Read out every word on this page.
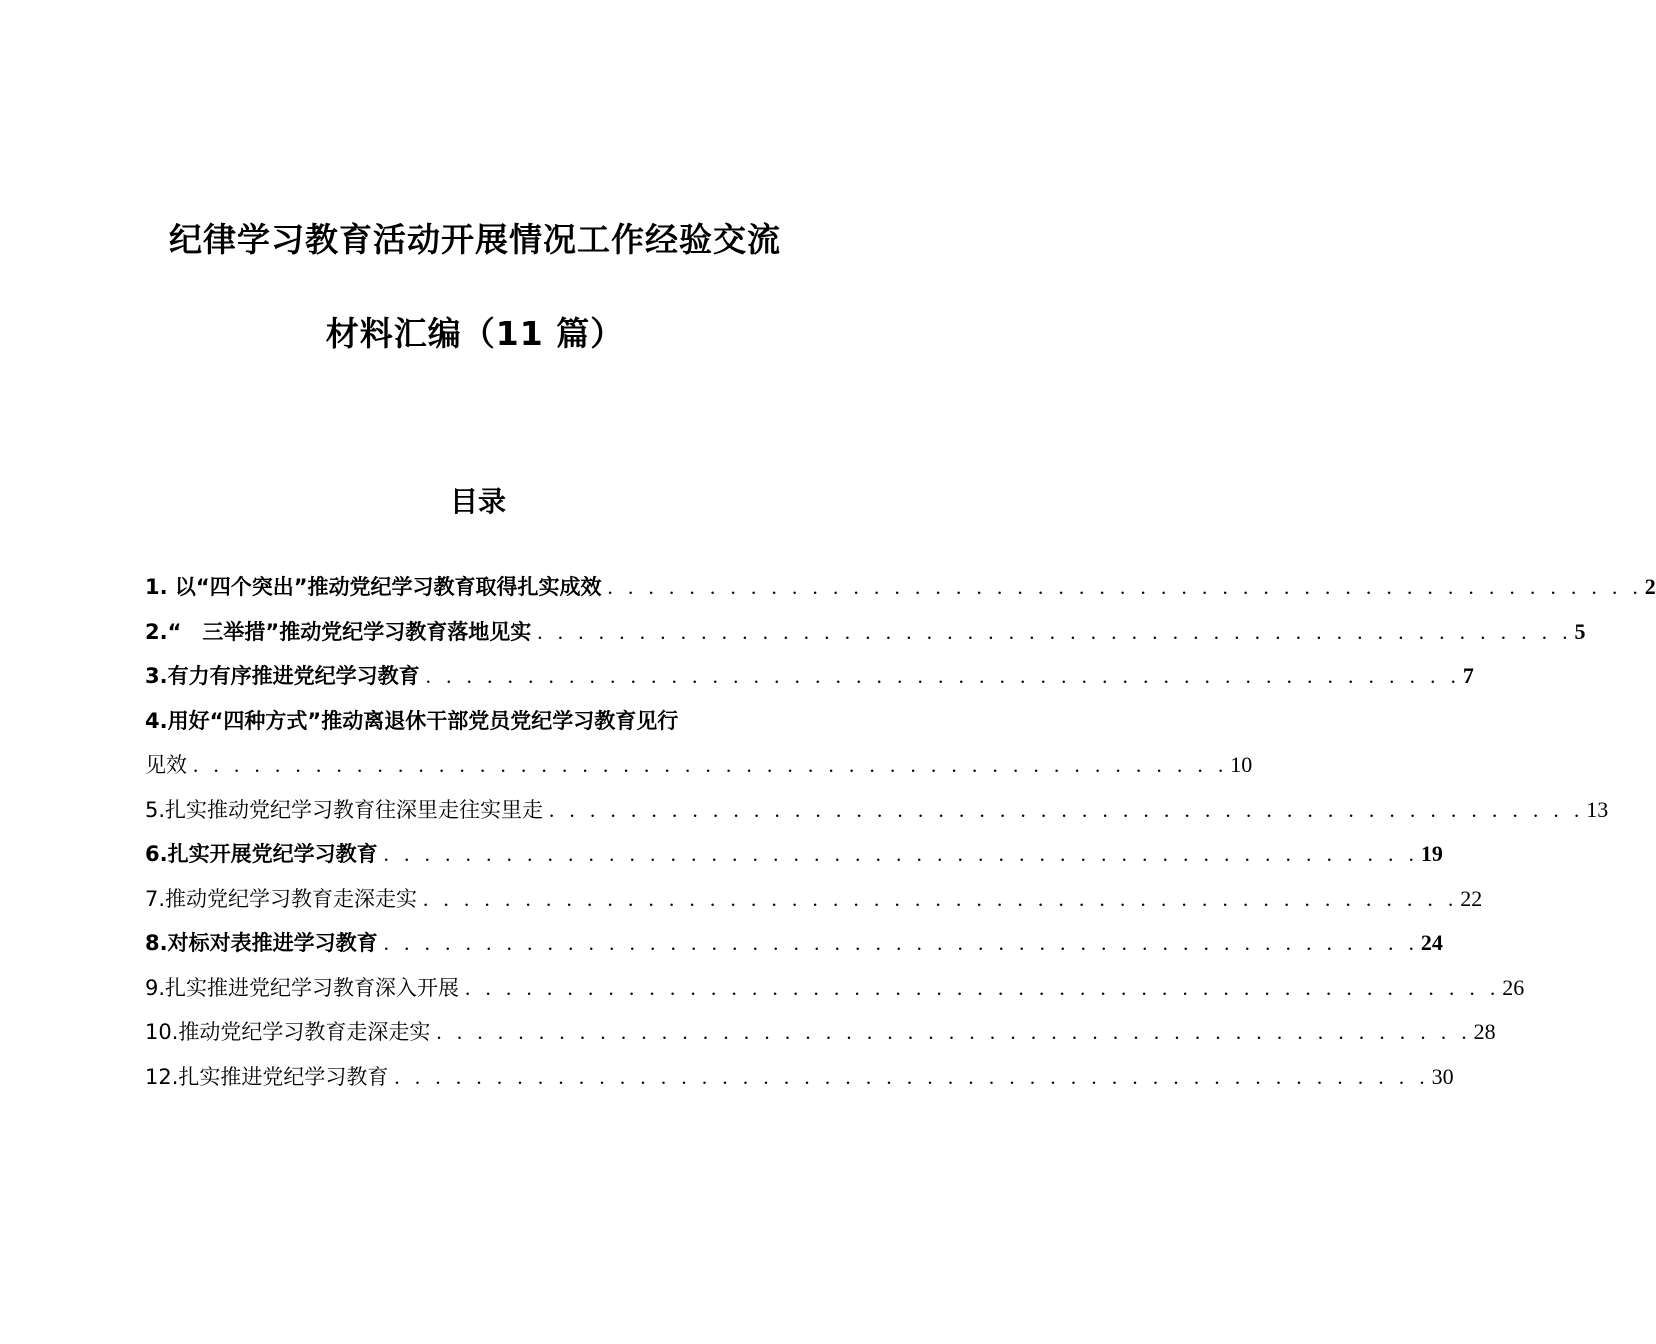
纪律学习教育活动开展情况工作经验交流
材料汇编（11 篇）
目录
1. 以“四个突出”推动党纪学习教育取得扎实成效 . . . . . . . . . . . . . . . . . . . . . . . . . . . . . . . . . . . . . . . . . . . . . . . . . . . 2
2.“　三举措”推动党纪学习教育落地见实 . . . . . . . . . . . . . . . . . . . . . . . . . . . . . . . . . . . . . . . . . . . . . . . . . . . 5
3.有力有序推进党纪学习教育 . . . . . . . . . . . . . . . . . . . . . . . . . . . . . . . . . . . . . . . . . . . . . . . . . . . 7
4.用好“四种方式”推动离退休干部党员党纪学习教育见行
见效 . . . . . . . . . . . . . . . . . . . . . . . . . . . . . . . . . . . . . . . . . . . . . . . . . . . 10
5.扎实推动党纪学习教育往深里走往实里走 . . . . . . . . . . . . . . . . . . . . . . . . . . . . . . . . . . . . . . . . . . . . . . . . . . . 13
6.扎实开展党纪学习教育 . . . . . . . . . . . . . . . . . . . . . . . . . . . . . . . . . . . . . . . . . . . . . . . . . . . 19
7.推动党纪学习教育走深走实 . . . . . . . . . . . . . . . . . . . . . . . . . . . . . . . . . . . . . . . . . . . . . . . . . . . 22
8.对标对表推进学习教育 . . . . . . . . . . . . . . . . . . . . . . . . . . . . . . . . . . . . . . . . . . . . . . . . . . . 24
9.扎实推进党纪学习教育深入开展 . . . . . . . . . . . . . . . . . . . . . . . . . . . . . . . . . . . . . . . . . . . . . . . . . . . 26
10.推动党纪学习教育走深走实 . . . . . . . . . . . . . . . . . . . . . . . . . . . . . . . . . . . . . . . . . . . . . . . . . . . 28
12.扎实推进党纪学习教育 . . . . . . . . . . . . . . . . . . . . . . . . . . . . . . . . . . . . . . . . . . . . . . . . . . . 30
